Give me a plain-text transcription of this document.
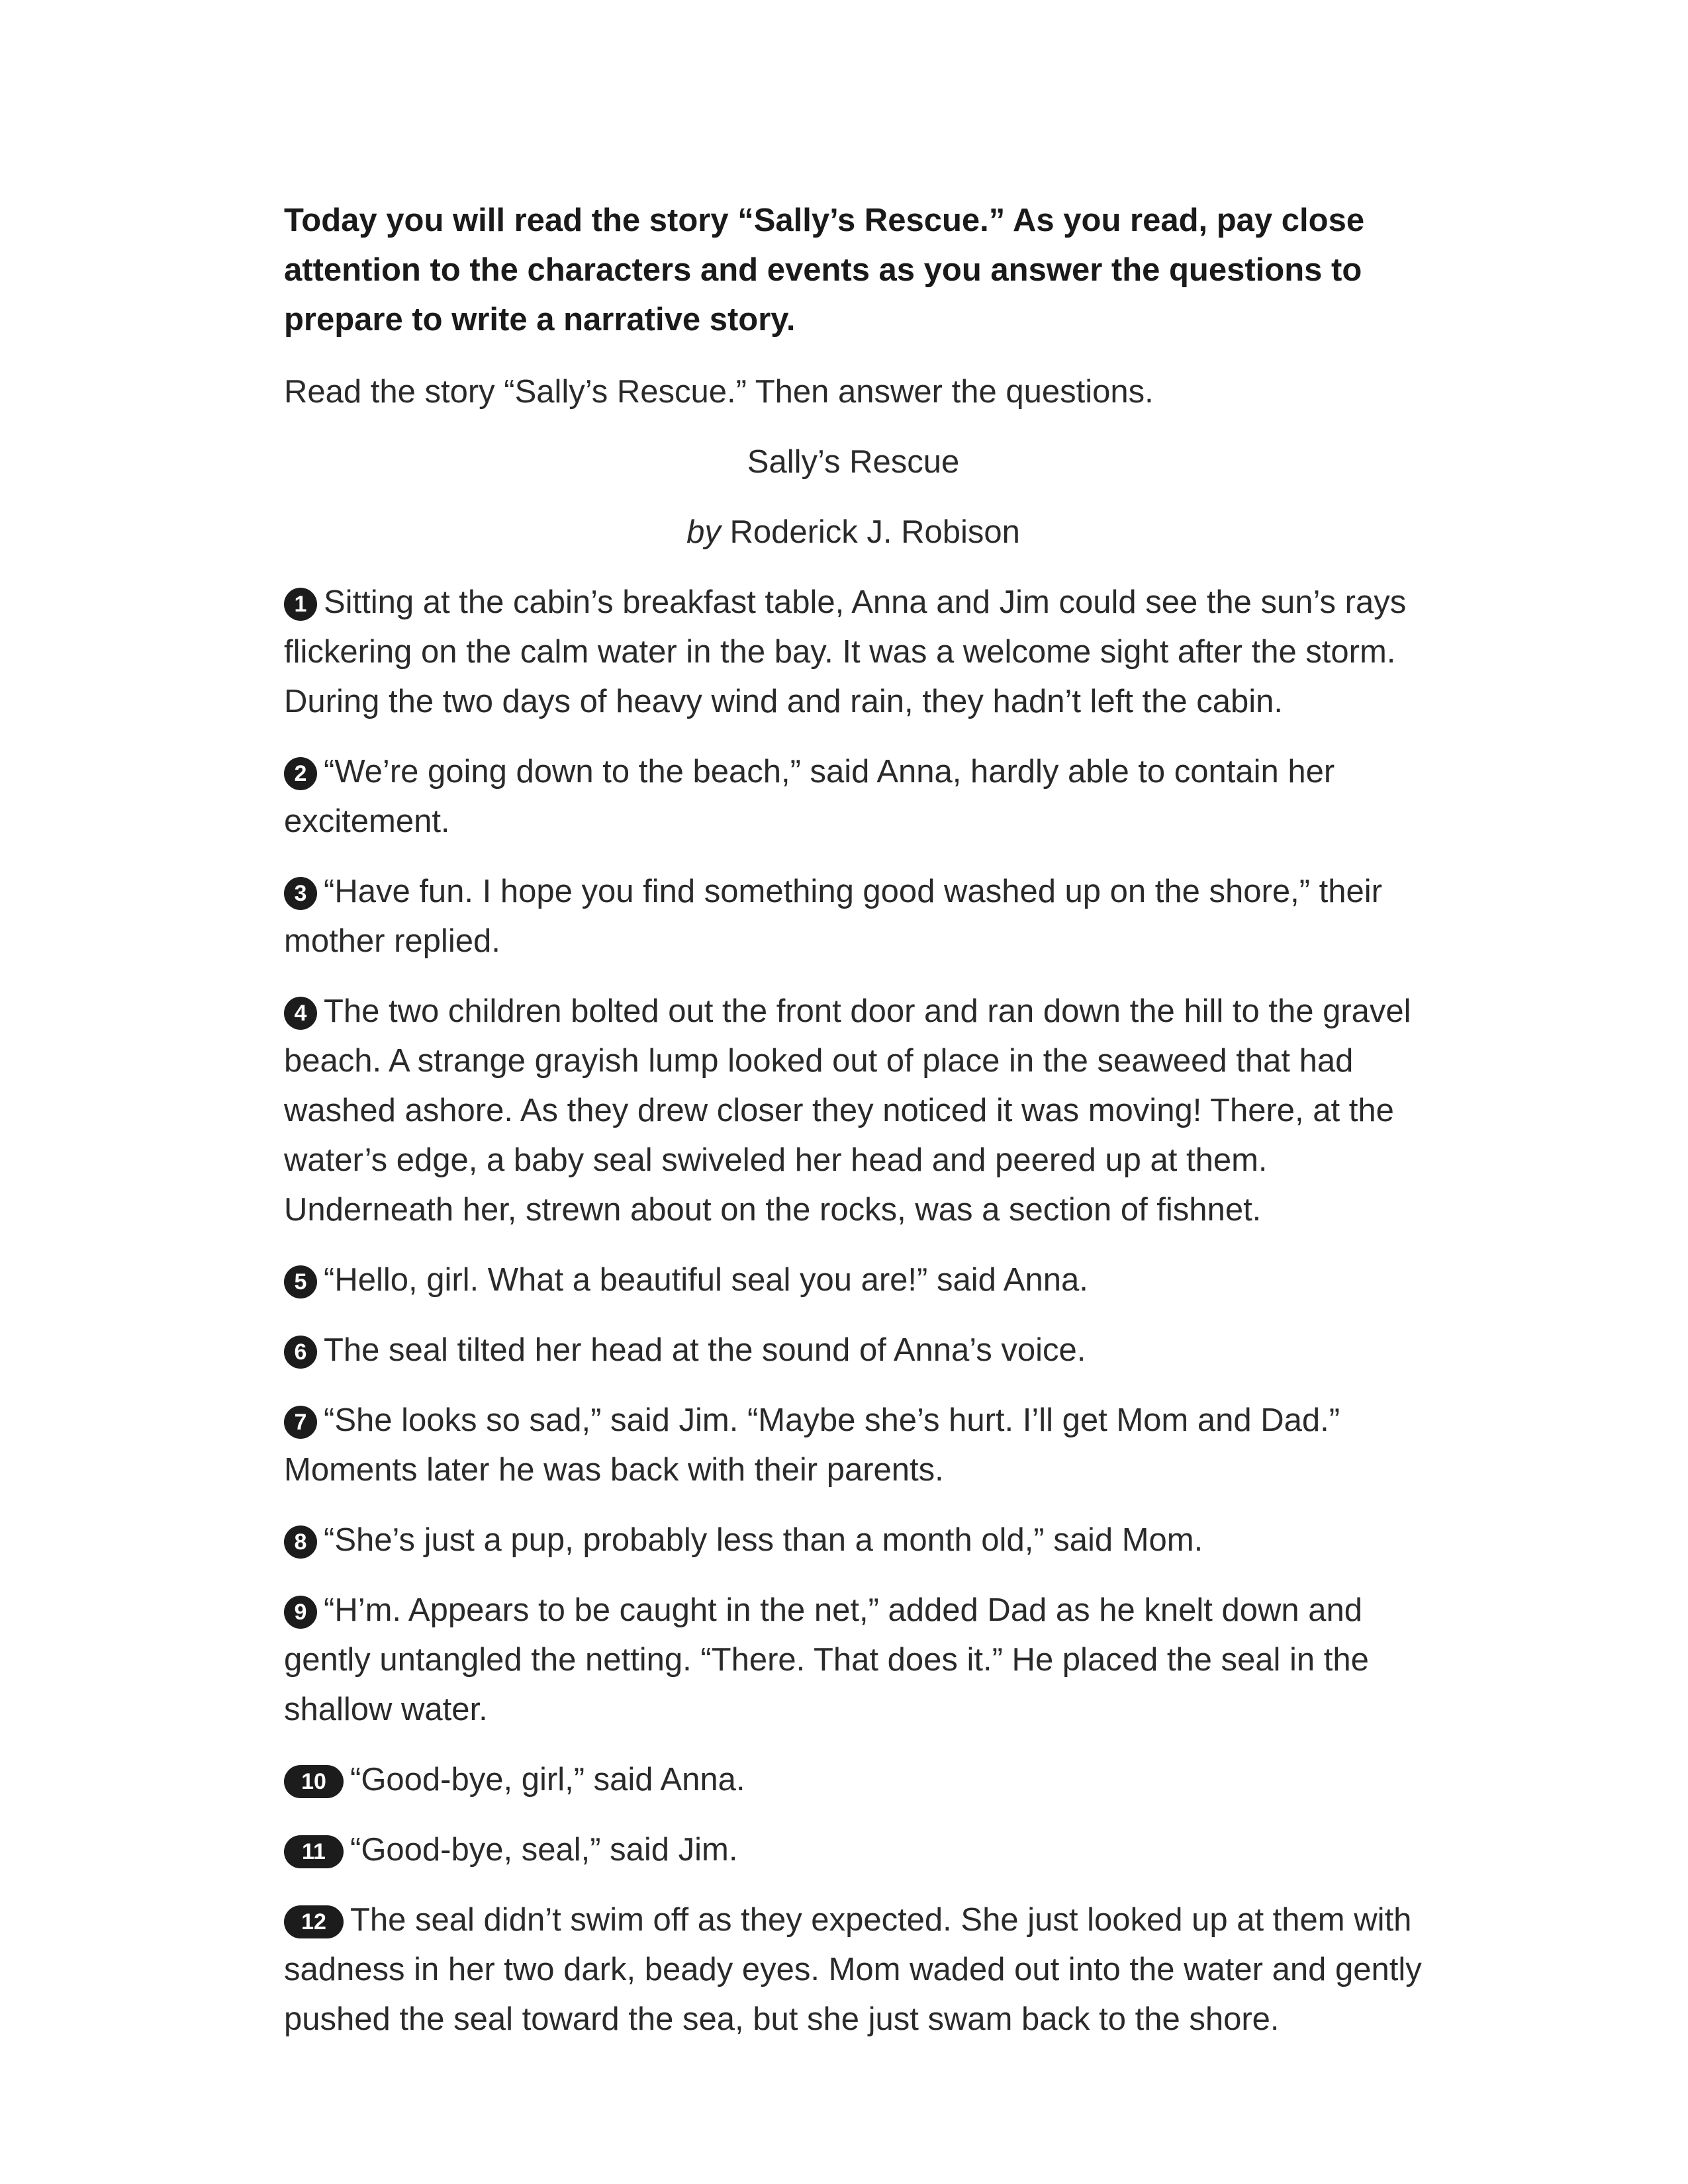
Today you will read the story “Sally’s Rescue.” As you read, pay close attention to the characters and events as you answer the questions to prepare to write a narrative story.

Read the story “Sally’s Rescue.” Then answer the questions.

Sally’s Rescue

by Roderick J. Robison

1 Sitting at the cabin’s breakfast table, Anna and Jim could see the sun’s rays flickering on the calm water in the bay. It was a welcome sight after the storm. During the two days of heavy wind and rain, they hadn’t left the cabin.

2 “We’re going down to the beach,” said Anna, hardly able to contain her excitement.

3 “Have fun. I hope you find something good washed up on the shore,” their mother replied.

4 The two children bolted out the front door and ran down the hill to the gravel beach. A strange grayish lump looked out of place in the seaweed that had washed ashore. As they drew closer they noticed it was moving! There, at the water’s edge, a baby seal swiveled her head and peered up at them. Underneath her, strewn about on the rocks, was a section of fishnet.

5 “Hello, girl. What a beautiful seal you are!” said Anna.

6 The seal tilted her head at the sound of Anna’s voice.

7 “She looks so sad,” said Jim. “Maybe she’s hurt. I’ll get Mom and Dad.” Moments later he was back with their parents.

8 “She’s just a pup, probably less than a month old,” said Mom.

9 “H’m. Appears to be caught in the net,” added Dad as he knelt down and gently untangled the netting. “There. That does it.” He placed the seal in the shallow water.

10 “Good-bye, girl,” said Anna.

11 “Good-bye, seal,” said Jim.

12 The seal didn’t swim off as they expected. She just looked up at them with sadness in her two dark, beady eyes. Mom waded out into the water and gently pushed the seal toward the sea, but she just swam back to the shore.
